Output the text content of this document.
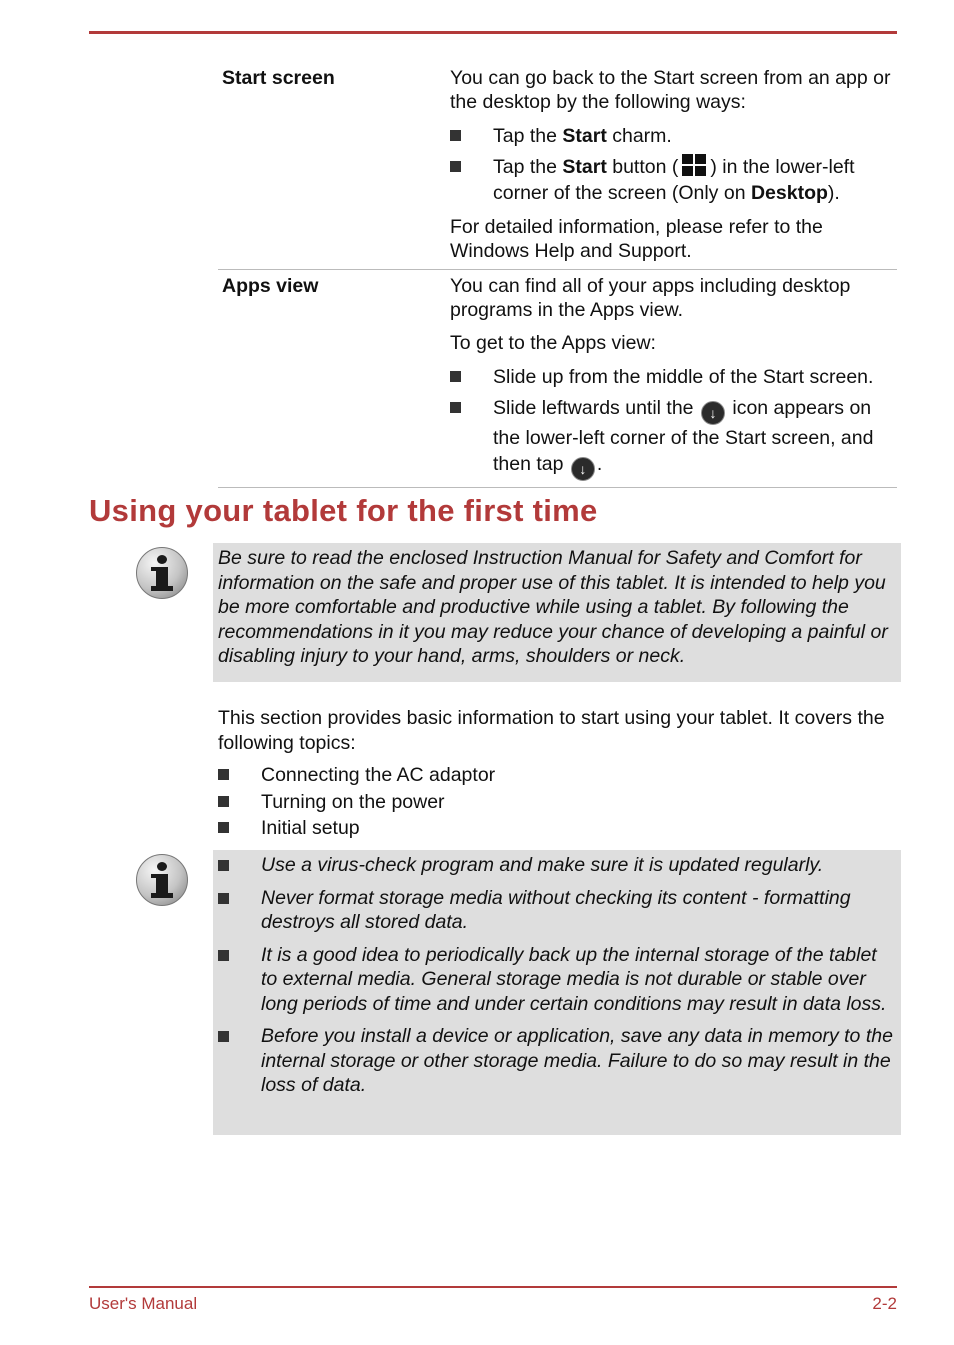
Start screen	You can go back to the Start screen from an app or the desktop by the following ways:

Tap the Start charm.
Tap the Start button ( ) in the lower-left corner of the screen (Only on Desktop).

For detailed information, please refer to the Windows Help and Support.

Apps view	You can find all of your apps including desktop programs in the Apps view.

To get to the Apps view:

Slide up from the middle of the Start screen.
Slide leftwards until the ↓ icon appears on the lower-left corner of the Start screen, and then tap ↓ .
Using your tablet for the first time
Be sure to read the enclosed Instruction Manual for Safety and Comfort for information on the safe and proper use of this tablet. It is intended to help you be more comfortable and productive while using a tablet. By following the recommendations in it you may reduce your chance of developing a painful or disabling injury to your hand, arms, shoulders or neck.

This section provides basic information to start using your tablet. It covers the following topics:

Connecting the AC adaptor
Turning on the power
Initial setup
Use a virus-check program and make sure it is updated regularly.
Never format storage media without checking its content - formatting destroys all stored data.
It is a good idea to periodically back up the internal storage of the tablet to external media. General storage media is not durable or stable over long periods of time and under certain conditions may result in data loss.
Before you install a device or application, save any data in memory to the internal storage or other storage media. Failure to do so may result in the loss of data.
User's Manual	2-2
